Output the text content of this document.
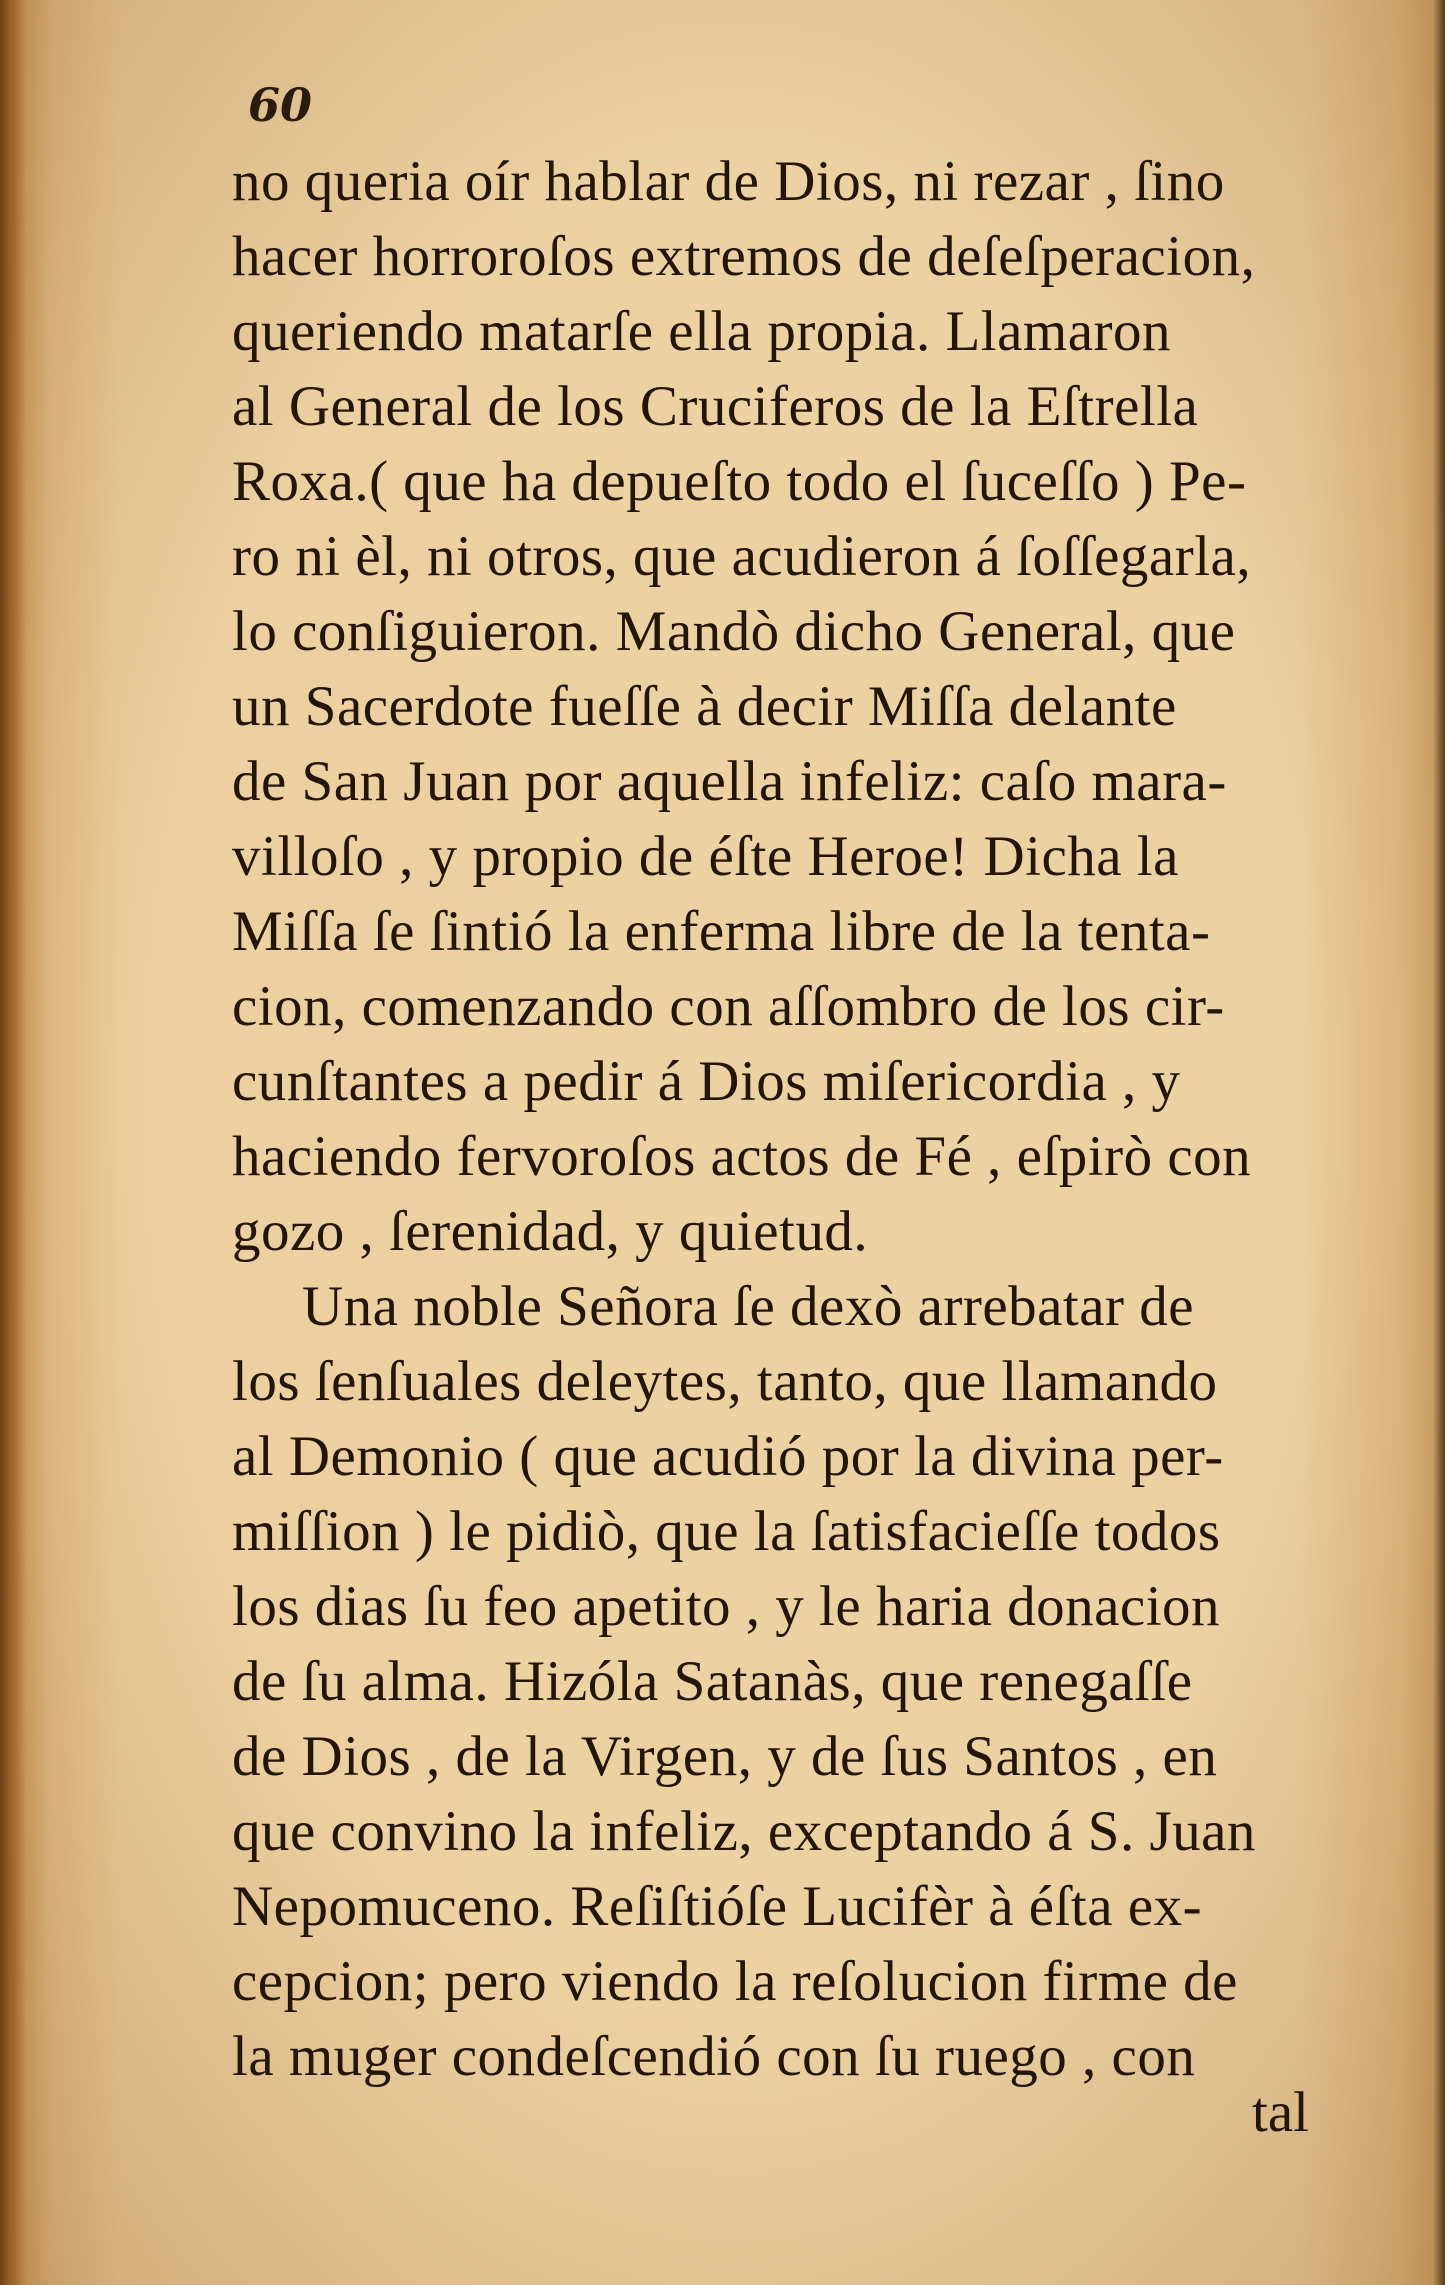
60
no queria oír hablar de Dios, ni rezar , ſino
hacer horroroſos extremos de deſeſperacion,
queriendo matarſe ella propia. Llamaron
al General de los Cruciferos de la Eſtrella
Roxa.( que ha depueſto todo el ſuceſſo ) Pe-
ro ni èl, ni otros, que acudieron á ſoſſegarla,
lo conſiguieron. Mandò dicho General, que
un Sacerdote fueſſe à decir Miſſa delante
de San Juan por aquella infeliz: caſo mara-
villoſo , y propio de éſte Heroe! Dicha la
Miſſa ſe ſintió la enferma libre de la tenta-
cion, comenzando con aſſombro de los cir-
cunſtantes a pedir á Dios miſericordia , y
haciendo fervoroſos actos de Fé , eſpirò con
gozo , ſerenidad, y quietud.
Una noble Señora ſe dexò arrebatar de
los ſenſuales deleytes, tanto, que llamando
al Demonio ( que acudió por la divina per-
miſſion ) le pidiò, que la ſatisfacieſſe todos
los dias ſu feo apetito , y le haria donacion
de ſu alma. Hizóla Satanàs, que renegaſſe
de Dios , de la Virgen, y de ſus Santos , en
que convino la infeliz, exceptando á S. Juan
Nepomuceno. Reſiſtióſe Lucifèr à éſta ex-
cepcion; pero viendo la reſolucion firme de
la muger condeſcendió con ſu ruego , con
tal
